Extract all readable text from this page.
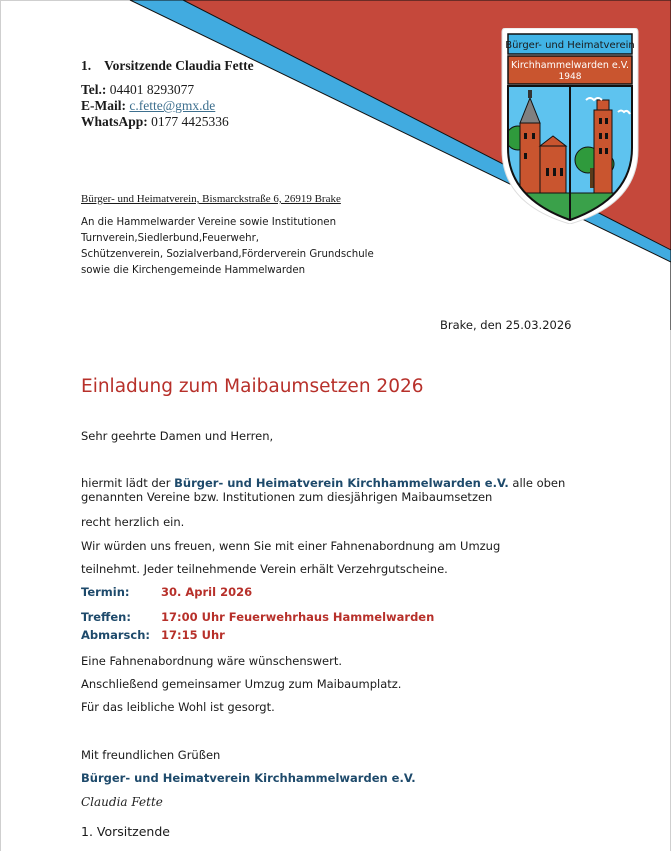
Bürger- und Heimatverein
Kirchhammelwarden e.V.
1948
1. Vorsitzende Claudia Fette
Tel.: 04401 8293077
E-Mail: c.fette@gmx.de
WhatsApp: 0177 4425336
Bürger- und Heimatverein, Bismarckstraße 6, 26919 Brake
An die Hammelwarder Vereine sowie Institutionen
Turnverein,Siedlerbund,Feuerwehr,
Schützenverein, Sozialverband,Förderverein Grundschule
sowie die Kirchengemeinde Hammelwarden
Brake, den 25.03.2026
Einladung zum Maibaumsetzen 2026
Sehr geehrte Damen und Herren,
hiermit lädt der Bürger- und Heimatverein Kirchhammelwarden e.V. alle oben
genannten Vereine bzw. Institutionen zum diesjährigen Maibaumsetzen
recht herzlich ein.
Wir würden uns freuen, wenn Sie mit einer Fahnenabordnung am Umzug
teilnehmt. Jeder teilnehmende Verein erhält Verzehrgutscheine.
Termin:	30. April 2026
Treffen:	17:00 Uhr Feuerwehrhaus Hammelwarden
Abmarsch: 17:15 Uhr
Eine Fahnenabordnung wäre wünschenswert.
Anschließend gemeinsamer Umzug zum Maibaumplatz.
Für das leibliche Wohl ist gesorgt.
Mit freundlichen Grüßen
Bürger- und Heimatverein Kirchhammelwarden e.V.
Claudia Fette
1. Vorsitzende
